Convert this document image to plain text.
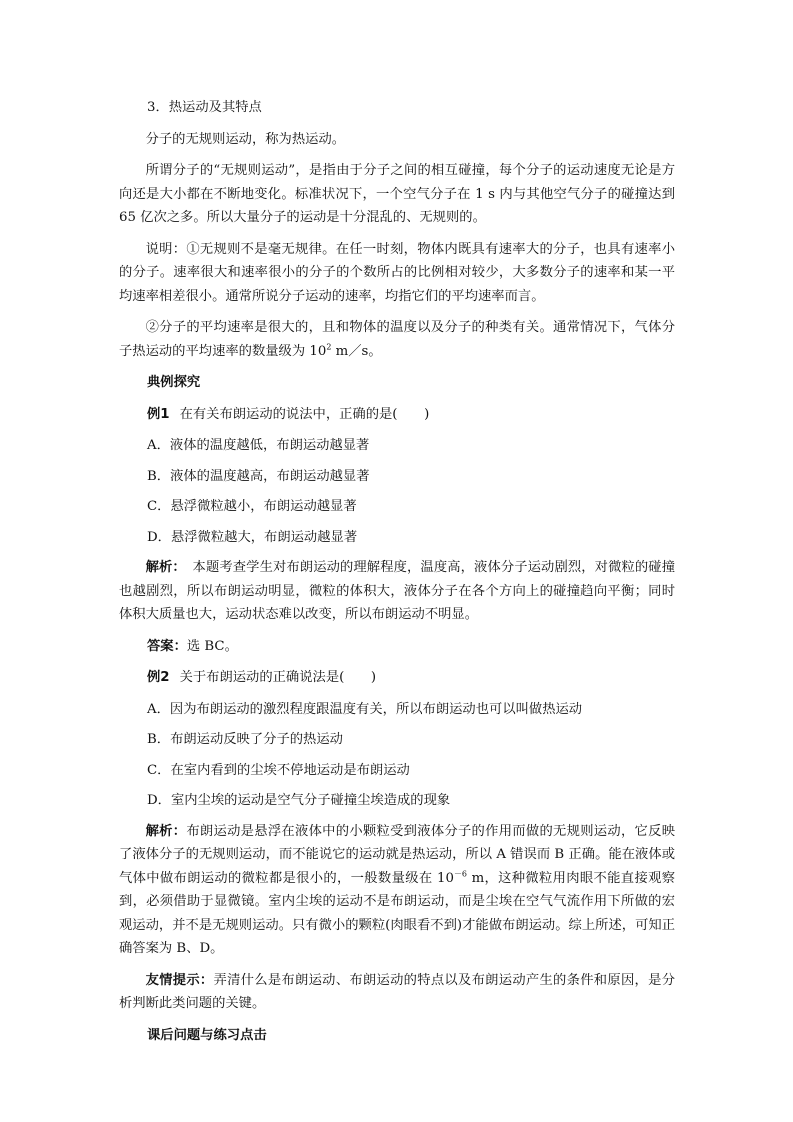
3．热运动及其特点

分子的无规则运动，称为热运动。

所谓分子的“无规则运动”，是指由于分子之间的相互碰撞，每个分子的运动速度无论是方向还是大小都在不断地变化。标准状况下，一个空气分子在 1 s 内与其他空气分子的碰撞达到 65 亿次之多。所以大量分子的运动是十分混乱的、无规则的。

说明：①无规则不是毫无规律。在任一时刻，物体内既具有速率大的分子，也具有速率小的分子。速率很大和速率很小的分子的个数所占的比例相对较少，大多数分子的速率和某一平均速率相差很小。通常所说分子运动的速率，均指它们的平均速率而言。

②分子的平均速率是很大的，且和物体的温度以及分子的种类有关。通常情况下，气体分子热运动的平均速率的数量级为 $10^2$ m／s。

典例探究

例1 在有关布朗运动的说法中，正确的是(　　)

A．液体的温度越低，布朗运动越显著

B．液体的温度越高，布朗运动越显著

C．悬浮微粒越小，布朗运动越显著

D．悬浮微粒越大，布朗运动越显著

解析：　本题考查学生对布朗运动的理解程度，温度高，液体分子运动剧烈，对微粒的碰撞也越剧烈，所以布朗运动明显，微粒的体积大，液体分子在各个方向上的碰撞趋向平衡；同时体积大质量也大，运动状态难以改变，所以布朗运动不明显。

答案：选 BC。

例2 关于布朗运动的正确说法是(　　)

A．因为布朗运动的激烈程度跟温度有关，所以布朗运动也可以叫做热运动

B．布朗运动反映了分子的热运动

C．在室内看到的尘埃不停地运动是布朗运动

D．室内尘埃的运动是空气分子碰撞尘埃造成的现象

解析：布朗运动是悬浮在液体中的小颗粒受到液体分子的作用而做的无规则运动，它反映了液体分子的无规则运动，而不能说它的运动就是热运动，所以 A 错误而 B 正确。能在液体或气体中做布朗运动的微粒都是很小的，一般数量级在 $10^{-6}$ m，这种微粒用肉眼不能直接观察到，必须借助于显微镜。室内尘埃的运动不是布朗运动，而是尘埃在空气气流作用下所做的宏观运动，并不是无规则运动。只有微小的颗粒(肉眼看不到)才能做布朗运动。综上所述，可知正确答案为 B、D。

友情提示：弄清什么是布朗运动、布朗运动的特点以及布朗运动产生的条件和原因，是分析判断此类问题的关键。

课后问题与练习点击
